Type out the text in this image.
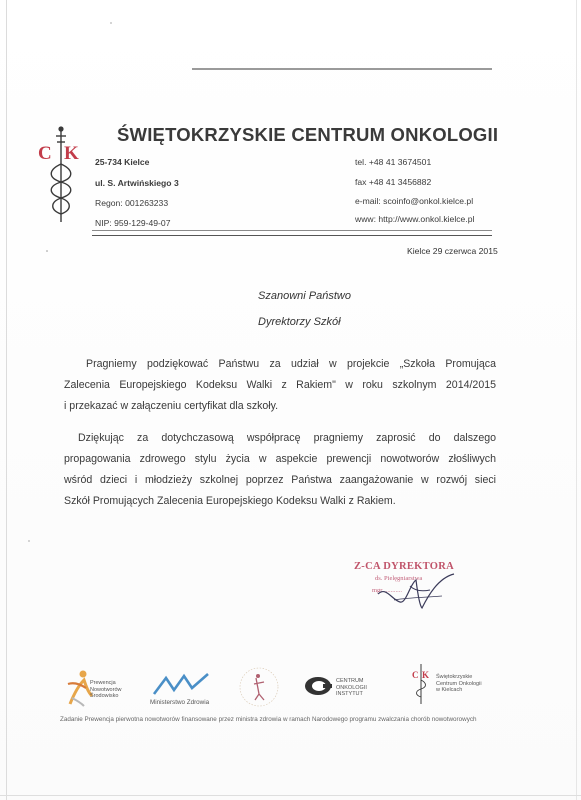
C K
ŚWIĘTOKRZYSKIE CENTRUM ONKOLOGII
25-734 Kielce
ul. S. Artwińskiego 3
Regon: 001263233
NIP: 959-129-49-07
tel. +48 41 3674501
fax +48 41 3456882
e-mail: scoinfo@onkol.kielce.pl
www: http://www.onkol.kielce.pl
Kielce 29 czerwca 2015
Szanowni Państwo
Dyrektorzy Szkół
Pragniemy podziękować Państwu za udział w projekcie „Szkoła Promująca
Zalecenia Europejskiego Kodeksu Walki z Rakiem" w roku szkolnym 2014/2015
i przekazać w załączeniu certyfikat dla szkoły.
Dziękując za dotychczasową współpracę pragniemy zaprosić do dalszego
propagowania zdrowego stylu życia w aspekcie prewencji nowotworów złośliwych
wśród dzieci i młodzieży szkolnej poprzez Państwa zaangażowanie w rozwój sieci
Szkół Promujących Zalecenia Europejskiego Kodeksu Walki z Rakiem.
Z-CA DYREKTORA
ds. Pielęgniarstwa
mgr ...........
Prewencja
Nowotworów
Środowisko
Ministerstwo Zdrowia
CENTRUM
ONKOLOGII
INSTYTUT
C K Świętokrzyskie
Centrum Onkologii
w Kielcach
Zadanie Prewencja pierwotna nowotworów finansowane przez ministra zdrowia w ramach Narodowego programu zwalczania chorób nowotworowych
